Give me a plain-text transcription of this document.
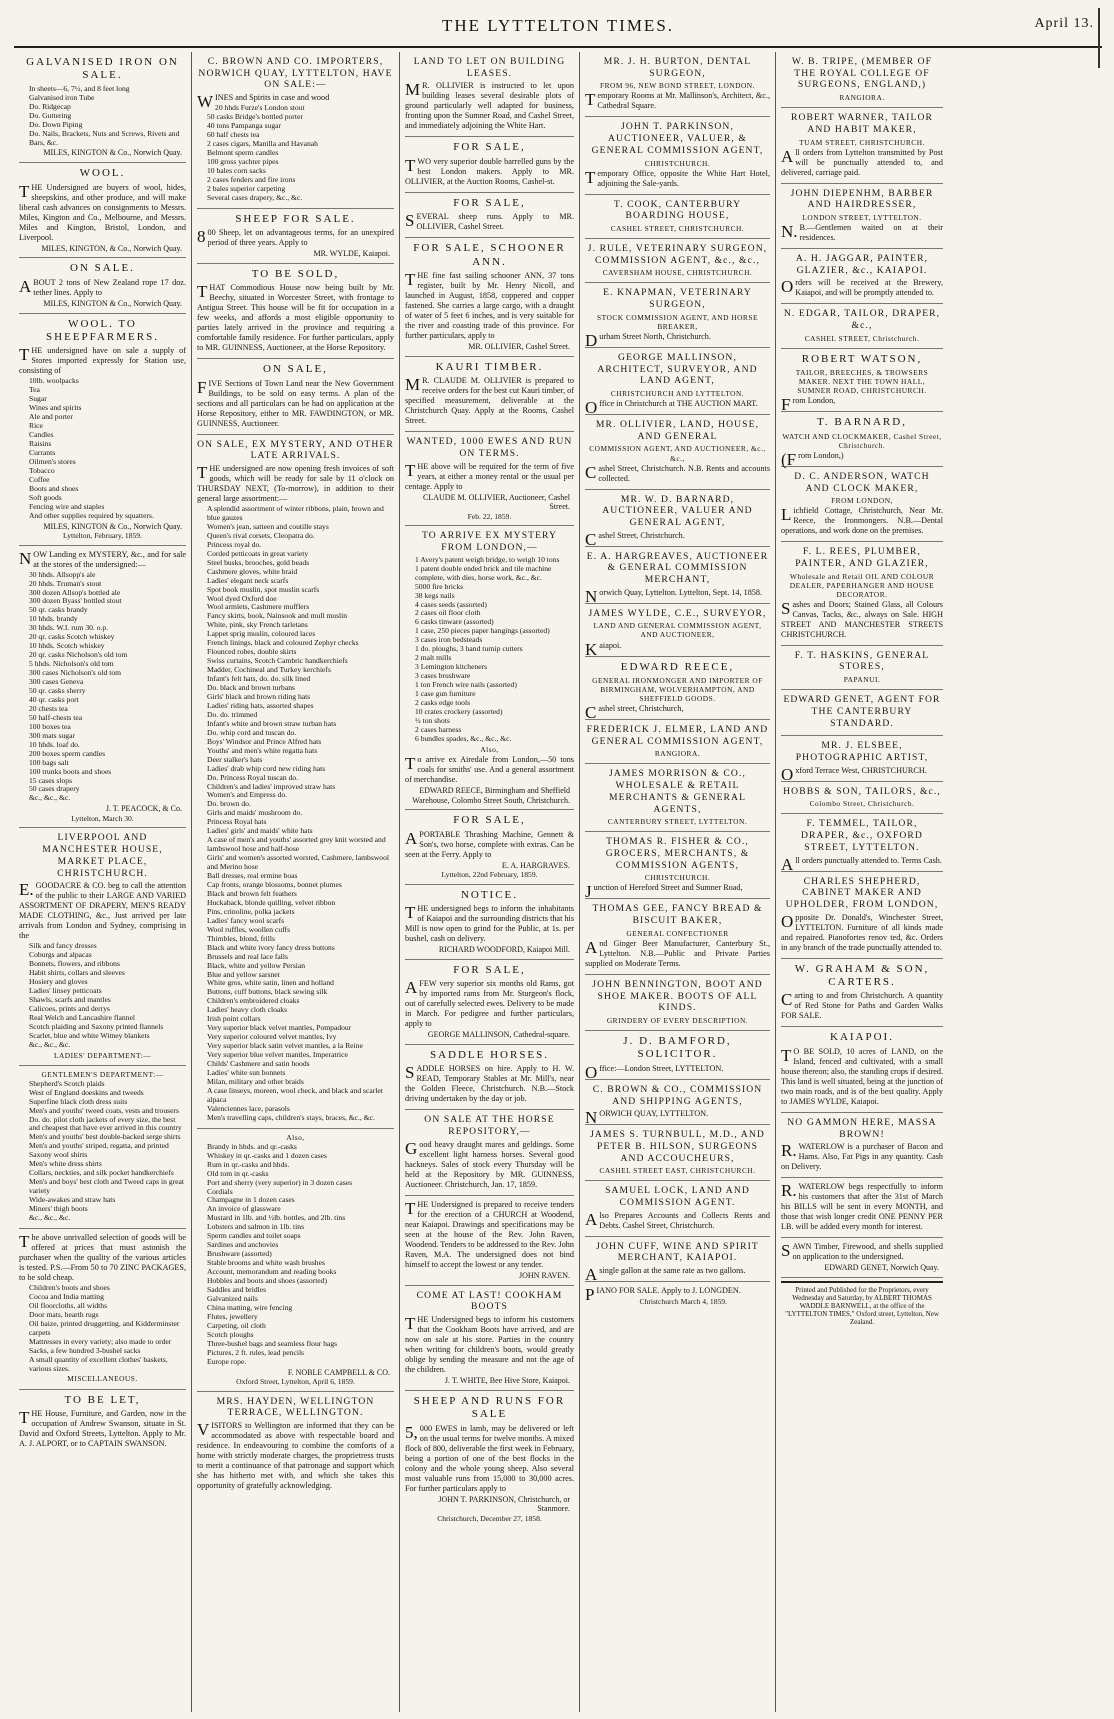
THE LYTTELTON TIMES.	April 13.
GALVANISED IRON ON SALE.
In sheets—6, 7½, and 8 feet long
Galvanised iron Tube
Do. Ridgecap
Do. Guttering
Do. Down Piping
Do. Nails, Brackets, Nuts and Screws, Rivets and Bars, &c.
MILES, KINGTON & Co., Norwich Quay.
WOOL.

THE Undersigned are buyers of wool, hides, sheepskins, and other produce, and will make liberal cash advances on consignments to Messrs. Miles, Kington and Co., Melbourne, and Messrs. Miles and Kington, Bristol, London, and Liverpool.

MILES, KINGTON, & Co., Norwich Quay.
ON SALE.

ABOUT 2 tons of New Zealand rope 17 doz. tether lines. Apply to

MILES, KINGTON & Co., Norwich Quay.
WOOL. TO SHEEPFARMERS.

THE undersigned have on sale a supply of Stores imported expressly for Station use, consisting of

10lb. woolpacks
Tea
Sugar
Wines and spirits
Ale and porter
Rice
Candles
Raisins
Currants
Oilmen's stores
Tobacco
Coffee
Boots and shoes
Soft goods
Fencing wire and staples
And other supplies required by squatters.
MILES, KINGTON & Co., Norwich Quay.
Lyttelton, February, 1859.

NOW Landing ex MYSTERY, &c., and for sale at the stores of the undersigned:—

30 hhds. Allsopp's ale
20 hhds. Truman's stout
300 dozen Allsop's bottled ale
300 dozen Byass' bottled stout
50 qr. casks brandy
10 hhds. brandy
30 hhds. W.I. rum 30. o.p.
20 qr. casks Scotch whiskey
10 hhds. Scotch whiskey
20 qr. casks Nicholson's old tom
5 hhds. Nicholson's old tom
300 cases Nicholson's old tom
300 cases Geneva
50 qr. casks sherry
40 qr. casks port
20 chests tea
50 half-chests tea
100 boxes tea
300 mats sugar
10 hhds. loaf do.
200 boxes sperm candles
100 bags salt
100 trunks boots and shoes
15 cases slops
50 cases drapery
&c., &c., &c.
J. T. PEACOCK, & Co.
Lyttelton, March 30.
LIVERPOOL AND MANCHESTER HOUSE, MARKET PLACE, CHRISTCHURCH.

E.GOODACRE & CO. beg to call the attention of the public to their LARGE AND VARIED ASSORTMENT OF DRAPERY, MEN'S READY MADE CLOTHING, &c., Just arrived per late arrivals from London and Sydney, comprising in the

Silk and fancy dresses
Coburgs and alpacas
Bonnets, flowers, and ribbons
Habit shirts, collars and sleeves
Hosiery and gloves
Ladies' linsey petticoats
Shawls, scarfs and mantles
Calicoes, prints and derrys
Real Welch and Lancashire flannel
Scotch plaiding and Saxony printed flannels
Scarlet, blue and white Witney blankets
&c., &c., &c.
LADIES' DEPARTMENT:—
GENTLEMEN'S DEPARTMENT:—
Shepherd's Scotch plaids
West of England doeskins and tweeds
Superfine black cloth dress suits
Men's and youths' tweed coats, vests and trousers
Do. do. pilot cloth jackets of every size, the best and cheapest that have ever arrived in this country
Men's and youths' best double-backed serge shirts
Men's and youths' striped, regatta, and printed Saxony wool shirts
Men's white dress shirts
Collars, neckties, and silk pocket handkerchiefs
Men's and boys' best cloth and Tweed caps in great variety
Wide-awakes and straw hats
Miners' thigh boots
&c., &c., &c.

The above unrivalled selection of goods will be offered at prices that must astonish the purchaser when the quality of the various articles is tested. P.S.—From 50 to 70 ZINC PACKAGES, to be sold cheap.

Children's boots and shoes
Cocoa and India matting
Oil floorcloths, all widths
Door mats, hearth rugs
Oil baize, printed druggetting, and Kidderminster carpets
Mattresses in every variety; also made to order
Sacks, a few hundred 3-bushel sacks
A small quantity of excellent clothes' baskets, various sizes.
MISCELLANEOUS.
TO BE LET,

THE House, Furniture, and Garden, now in the occupation of Andrew Swanson, situate in St. David and Oxford Streets, Lyttelton. Apply to Mr. A. J. ALPORT, or to CAPTAIN SWANSON.

C. BROWN AND CO. IMPORTERS, NORWICH QUAY, LYTTELTON, HAVE ON SALE:—

WINES and Spirits in case and wood

20 hhds Furze's London stout
50 casks Bridge's bottled porter
40 tons Pampanga sugar
60 half chests tea
2 cases cigars, Manilla and Havanah
Belmont sperm candles
100 gross yachter pipes
10 bales corn sacks
2 cases fenders and fire irons
2 bales superior carpeting
Several cases drapery, &c., &c.
SHEEP FOR SALE.

800 Sheep, let on advantageous terms, for an unexpired period of three years. Apply to

MR. WYLDE, Kaiapoi.
TO BE SOLD,

THAT Commodious House now being built by Mr. Beechy, situated in Worcester Street, with frontage to Antigua Street. This house will be fit for occupation in a few weeks, and affords a most eligible opportunity to parties lately arrived in the province and requiring a comfortable family residence. For further particulars, apply to MR. GUINNESS, Auctioneer, at the Horse Repository.

ON SALE,

FIVE Sections of Town Land near the New Government Buildings, to be sold on easy terms. A plan of the sections and all particulars can be had on application at the Horse Repository, either to MR. FAWDINGTON, or MR. GUINNESS, Auctioneer.

ON SALE, EX MYSTERY, AND OTHER LATE ARRIVALS.

THE undersigned are now opening fresh invoices of soft goods, which will be ready for sale by 11 o'clock on THURSDAY NEXT, (To-morrow), in addition to their general large assortment:—

A splendid assortment of winter ribbons, plain, brown and blue gauzes
Women's jean, satteen and coutille stays
Queen's rival corsets, Cleopatra do.
Princess royal do.
Corded petticoats in great variety
Steel busks, brooches, gold beads
Cashmere gloves, white braid
Ladies' elegant neck scarfs
Spot book muslin, spot muslin scarfs
Wool dyed Oxford doe
Wool armlets, Cashmere mufflers
Fancy skirts, book, Nainsook and mull muslin
White, pink, sky French tarletans
Lappet sprig muslin, coloured laces
French linings, black and coloured Zephyr checks
Flounced robes, double skirts
Swiss curtains, Scotch Cambric handkerchiefs
Madder, Cochineal and Turkey kerchiefs
Infant's felt hats, do. do. silk lined
Do. black and brown turbans
Girls' black and brown riding hats
Ladies' riding hats, assorted shapes
Do. do. trimmed
Infant's white and brown straw turban hats
Do. whip cord and tuscan do.
Boys' Windsor and Prince Alfred hats
Youths' and men's white regatta hats
Deer stalker's hats
Ladies' drab whip cord new riding hats
Do. Princess Royal tuscan do.
Children's and ladies' improved straw hats
Women's and Empress do.
Do. brown do.
Girls and maids' mushroom do.
Princess Royal hats
Ladies' girls' and maids' white hats
A case of men's and youths' assorted grey knit worsted and lambswool hose and half-hose
Girls' and women's assorted worsted, Cashmere, lambswool and Merino hose
Ball dresses, real ermine boas
Cap fronts, orange blossoms, bonnet plumes
Black and brown felt feathers
Huckaback, blonde quilling, velvet ribbon
Pins, crinoline, polka jackets
Ladies' fancy wool scarfs
Wool ruffles, woollen cuffs
Thimbles, blond, frills
Black and white ivory fancy dress buttons
Brussels and real lace falls
Black, white and yellow Persian
Blue and yellow sarsnet
White gros, white satin, linen and holland
Buttons, cuff buttons, black sewing silk
Children's embroidered cloaks
Ladies' heavy cloth cloaks
Irish point collars
Very superior black velvet mantles, Pompadour
Very superior coloured velvet mantles, Ivy
Very superior black satin velvet mantles, a la Reine
Very superior blue velvet mantles, Imperatrice
Childs' Cashmere and satin hoods
Ladies' white sun bonnets
Milan, military and other braids
A case linseys, moreen, wool check, and black and scarlet alpaca
Valenciennes lace, parasols
Men's travelling caps, children's stays, braces, &c., &c.
Also,
Brandy in hhds. and qr.-casks
Whiskey in qr.-casks and 1 dozen cases
Rum in qr.-casks and hhds.
Old tom in qr.-casks
Port and sherry (very superior) in 3 dozen cases
Cordials
Champagne in 1 dozen cases
An invoice of glassware
Mustard in 1lb. and ½lb. bottles, and 2lb. tins
Lobsters and salmon in 1lb. tins
Sperm candles and toilet soaps
Sardines and anchovies
Brushware (assorted)
Stable brooms and white wash brushes
Account, memorandum and reading books
Hobbles and boots and shoes (assorted)
Saddles and bridles
Galvanized nails
China matting, wire fencing
Flutes, jewellery
Carpeting, oil cloth
Scotch ploughs
Three-bushel bags and seamless flour bags
Pictures, 2 ft. rules, lead pencils
Europe rope.
F. NOBLE CAMPBELL & CO.
Oxford Street, Lyttelton, April 6, 1859.
MRS. HAYDEN, WELLINGTON TERRACE, WELLINGTON.

VISITORS to Wellington are informed that they can be accommodated as above with respectable board and residence. In endeavouring to combine the comforts of a home with strictly moderate charges, the proprietress trusts to merit a continuance of that patronage and support which she has hitherto met with, and which she takes this opportunity of gratefully acknowledging.

LAND TO LET ON BUILDING LEASES.

MR. OLLIVIER is instructed to let upon building leases several desirable plots of ground particularly well adapted for business, fronting upon the Sumner Road, and Cashel Street, and immediately adjoining the White Hart.

FOR SALE,

TWO very superior double barrelled guns by the best London makers. Apply to MR. OLLIVIER, at the Auction Rooms, Cashel-st.

FOR SALE,

SEVERAL sheep runs. Apply to MR. OLLIVIER, Cashel Street.

FOR SALE, SCHOONER ANN.

THE fine fast sailing schooner ANN, 37 tons register, built by Mr. Henry Nicoll, and launched in August, 1858, coppered and copper fastened. She carries a large cargo, with a draught of water of 5 feet 6 inches, and is very suitable for the river and coasting trade of this province. For further particulars, apply to

MR. OLLIVIER, Cashel Street.
KAURI TIMBER.

MR. CLAUDE M. OLLIVIER is prepared to receive orders for the best cut Kauri timber, of specified measurement, deliverable at the Christchurch Quay. Apply at the Rooms, Cashel Street.

WANTED, 1000 EWES AND RUN ON TERMS.

THE above will be required for the term of five years, at either a money rental or the usual per centage. Apply to

CLAUDE M. OLLIVIER, Auctioneer, Cashel Street.
Feb. 22, 1859.
TO ARRIVE EX MYSTERY FROM LONDON,—
1 Avery's patent weigh bridge, to weigh 10 tons
1 patent double ended brick and tile machine complete, with dies, horse work, &c., &c.
5000 fire bricks
38 kegs nails
4 cases seeds (assorted)
2 cases oil floor cloth
6 casks tinware (assorted)
1 case, 250 pieces paper hangings (assorted)
3 cases iron bedsteads
1 do. ploughs, 3 hand turnip cutters
2 malt mills
3 Lemington kitcheners
3 cases brushware
1 ton French wire nails (assorted)
1 case gun furniture
2 casks edge tools
10 crates crockery (assorted)
½ ton shots
2 cases harness
6 bundles spades, &c., &c., &c.
Also,

To arrive ex Airedale from London,—50 tons coals for smiths' use. And a general assortment of merchandise.

EDWARD REECE, Birmingham and Sheffield Warehouse, Colombo Street South, Christchurch.
FOR SALE,

APORTABLE Thrashing Machine, Gennett & Son's, two horse, complete with extras. Can be seen at the Ferry. Apply to

E. A. HARGRAVES.
Lyttelton, 22nd February, 1859.
NOTICE.

THE undersigned begs to inform the inhabitants of Kaiapoi and the surrounding districts that his Mill is now open to grind for the Public, at 1s. per bushel, cash on delivery.

RICHARD WOODFORD, Kaiapoi Mill.
FOR SALE,

AFEW very superior six months old Rams, got by imported rams from Mr. Sturgeon's flock, out of carefully selected ewes. Delivery to be made in March. For pedigree and further particulars, apply to

GEORGE MALLINSON, Cathedral-square.
SADDLE HORSES.

SADDLE HORSES on hire. Apply to H. W. READ, Temporary Stables at Mr. Mill's, near the Golden Fleece, Christchurch. N.B.—Stock driving undertaken by the day or job.

ON SALE AT THE HORSE REPOSITORY,—

Good heavy draught mares and geldings. Some excellent light harness horses. Several good hackneys. Sales of stock every Thursday will be held at the Repository by MR. GUINNESS, Auctioneer. Christchurch, Jan. 17, 1859.

THE Undersigned is prepared to receive tenders for the erection of a CHURCH at Woodend, near Kaiapoi. Drawings and specifications may be seen at the house of the Rev. John Raven, Woodend. Tenders to be addressed to the Rev. John Raven, M.A. The undersigned does not bind himself to accept the lowest or any tender.

JOHN RAVEN.
COME AT LAST! COOKHAM BOOTS

THE Undersigned begs to inform his customers that the Cookham Boots have arrived, and are now on sale at his store. Parties in the country when writing for children's boots, would greatly oblige by sending the measure and not the age of the children.

J. T. WHITE, Bee Hive Store, Kaiapoi.
SHEEP AND RUNS FOR SALE

5,000 EWES in lamb, may be delivered or left on the usual terms for twelve months. A mixed flock of 800, deliverable the first week in February, being a portion of one of the best flocks in the colony and the whole young sheep. Also several most valuable runs from 15,000 to 30,000 acres. For further particulars apply to

JOHN T. PARKINSON, Christchurch, or Stanmore.
Christchurch, December 27, 1858.
MR. J. H. BURTON, DENTAL SURGEON,
FROM 96, NEW BOND STREET, LONDON.

Temporary Rooms at Mr. Mallinson's, Architect, &c., Cathedral Square.

JOHN T. PARKINSON, AUCTIONEER, VALUER, & GENERAL COMMISSION AGENT,
CHRISTCHURCH.

Temporary Office, opposite the White Hart Hotel, adjoining the Sale-yards.

T. COOK, CANTERBURY BOARDING HOUSE,
CASHEL STREET, CHRISTCHURCH.
J. RULE, VETERINARY SURGEON, COMMISSION AGENT, &c., &c.,
CAVERSHAM HOUSE, CHRISTCHURCH.
E. KNAPMAN, VETERINARY SURGEON,
STOCK COMMISSION AGENT, AND HORSE BREAKER,

Durham Street North, Christchurch.

GEORGE MALLINSON, ARCHITECT, SURVEYOR, AND LAND AGENT,
CHRISTCHURCH AND LYTTELTON.

Office in Christchurch at THE AUCTION MART.

MR. OLLIVIER, LAND, HOUSE, AND GENERAL
COMMISSION AGENT, AND AUCTIONEER, &c., &c.,

Cashel Street, Christchurch. N.B. Rents and accounts collected.

MR. W. D. BARNARD, AUCTIONEER, VALUER AND GENERAL AGENT,

Cashel Street, Christchurch.

E. A. HARGREAVES, AUCTIONEER & GENERAL COMMISSION MERCHANT,

Norwich Quay, Lyttelton. Lyttelton, Sept. 14, 1858.

JAMES WYLDE, C.E., SURVEYOR,
LAND AND GENERAL COMMISSION AGENT, AND AUCTIONEER,

Kaiapoi.

EDWARD REECE,
GENERAL IRONMONGER AND IMPORTER OF BIRMINGHAM, WOLVERHAMPTON, AND SHEFFIELD GOODS.

Cashel street, Christchurch,

FREDERICK J. ELMER, LAND AND GENERAL COMMISSION AGENT,
RANGIORA.
JAMES MORRISON & CO., WHOLESALE & RETAIL MERCHANTS & GENERAL AGENTS,
CANTERBURY STREET, LYTTELTON.
THOMAS R. FISHER & CO., GROCERS, MERCHANTS, & COMMISSION AGENTS,
CHRISTCHURCH.

Junction of Hereford Street and Sumner Road,

THOMAS GEE, FANCY BREAD & BISCUIT BAKER,
GENERAL CONFECTIONER

And Ginger Beer Manufacturer, Canterbury St., Lyttelton. N.B.—Public and Private Parties supplied on Moderate Terms.

JOHN BENNINGTON, BOOT AND SHOE MAKER. BOOTS OF ALL KINDS.
GRINDERY OF EVERY DESCRIPTION.
J. D. BAMFORD, SOLICITOR.

Office:—London Street, LYTTELTON.

C. BROWN & CO., COMMISSION AND SHIPPING AGENTS,

NORWICH QUAY, LYTTELTON.

JAMES S. TURNBULL, M.D., AND PETER B. HILSON, SURGEONS AND ACCOUCHEURS,
CASHEL STREET EAST, CHRISTCHURCH.
SAMUEL LOCK, LAND AND COMMISSION AGENT.

Also Prepares Accounts and Collects Rents and Debts. Cashel Street, Christchurch.

JOHN CUFF, WINE AND SPIRIT MERCHANT, KAIAPOI.

Asingle gallon at the same rate as two gallons.

PIANO FOR SALE. Apply to J. LONGDEN.

Christchurch March 4, 1859.
W. B. TRIPE, (MEMBER OF THE ROYAL COLLEGE OF SURGEONS, ENGLAND,)
RANGIORA.
ROBERT WARNER, TAILOR AND HABIT MAKER,
TUAM STREET, CHRISTCHURCH.

All orders from Lyttelton transmitted by Post will be punctually attended to, and delivered, carriage paid.

JOHN DIEPENHM, BARBER AND HAIRDRESSER,
LONDON STREET, LYTTELTON.

N.B.—Gentlemen waited on at their residences.

A. H. JAGGAR, PAINTER, GLAZIER, &c., KAIAPOI.

Orders will be received at the Brewery, Kaiapoi, and will be promptly attended to.

N. EDGAR, TAILOR, DRAPER, &c.,
CASHEL STREET, Christchurch.
ROBERT WATSON,
TAILOR, BREECHES, & TROWSERS MAKER. NEXT THE TOWN HALL, SUMNER ROAD, CHRISTCHURCH.

From London,

T. BARNARD,
WATCH AND CLOCKMAKER, Cashel Street, Christchurch.

(From London,)

D. C. ANDERSON, WATCH AND CLOCK MAKER,
FROM LONDON,

Lichfield Cottage, Christchurch, Near Mr. Reece, the Ironmongers. N.B.—Dental operations, and work done on the premises.

F. L. REES, PLUMBER, PAINTER, AND GLAZIER,
Wholesale and Retail OIL AND COLOUR DEALER, PAPERHANGER AND HOUSE DECORATOR.

Sashes and Doors; Stained Glass, all Colours Canvas, Tacks, &c., always on Sale. HIGH STREET AND MANCHESTER STREETS CHRISTCHURCH.

F. T. HASKINS, GENERAL STORES,
PAPANUI.
EDWARD GENET, AGENT FOR THE CANTERBURY STANDARD.
MR. J. ELSBEE, PHOTOGRAPHIC ARTIST,

Oxford Terrace West, CHRISTCHURCH.

HOBBS & SON, TAILORS, &c.,
Colombo Street, Christchurch.
F. TEMMEL, TAILOR, DRAPER, &c., OXFORD STREET, LYTTELTON.

All orders punctually attended to. Terms Cash.

CHARLES SHEPHERD, CABINET MAKER AND UPHOLDER, FROM LONDON,

Opposite Dr. Donald's, Winchester Street, LYTTELTON. Furniture of all kinds made and repaired. Pianofortes renov ted, &c. Orders in any branch of the trade punctually attended to.

W. GRAHAM & SON, CARTERS.

Carting to and from Christchurch. A quantity of Red Stone for Paths and Garden Walks FOR SALE.

KAIAPOI.

TO BE SOLD, 10 acres of LAND, on the Island, fenced and cultivated, with a small house thereon; also, the standing crops if desired. This land is well situated, being at the junction of two main roads, and is of the best quality. Apply to JAMES WYLDE, Kaiapoi.

NO GAMMON HERE, MASSA BROWN!

R.WATERLOW is a purchaser of Bacon and Hams. Also, Fat Pigs in any quantity. Cash on Delivery.

R.WATERLOW begs respectfully to inform his customers that after the 31st of March his BILLS will be sent in every MONTH, and those that wish longer credit ONE PENNY PER LB. will be added every month for interest.

SAWN Timber, Firewood, and shells supplied on application to the undersigned.

EDWARD GENET, Norwich Quay.
Printed and Published for the Proprietors, every Wednesday and Saturday, by ALBERT THOMAS WADDLE BARNWELL, at the office of the "LYTTELTON TIMES," Oxford street, Lyttelton, New Zealand.
